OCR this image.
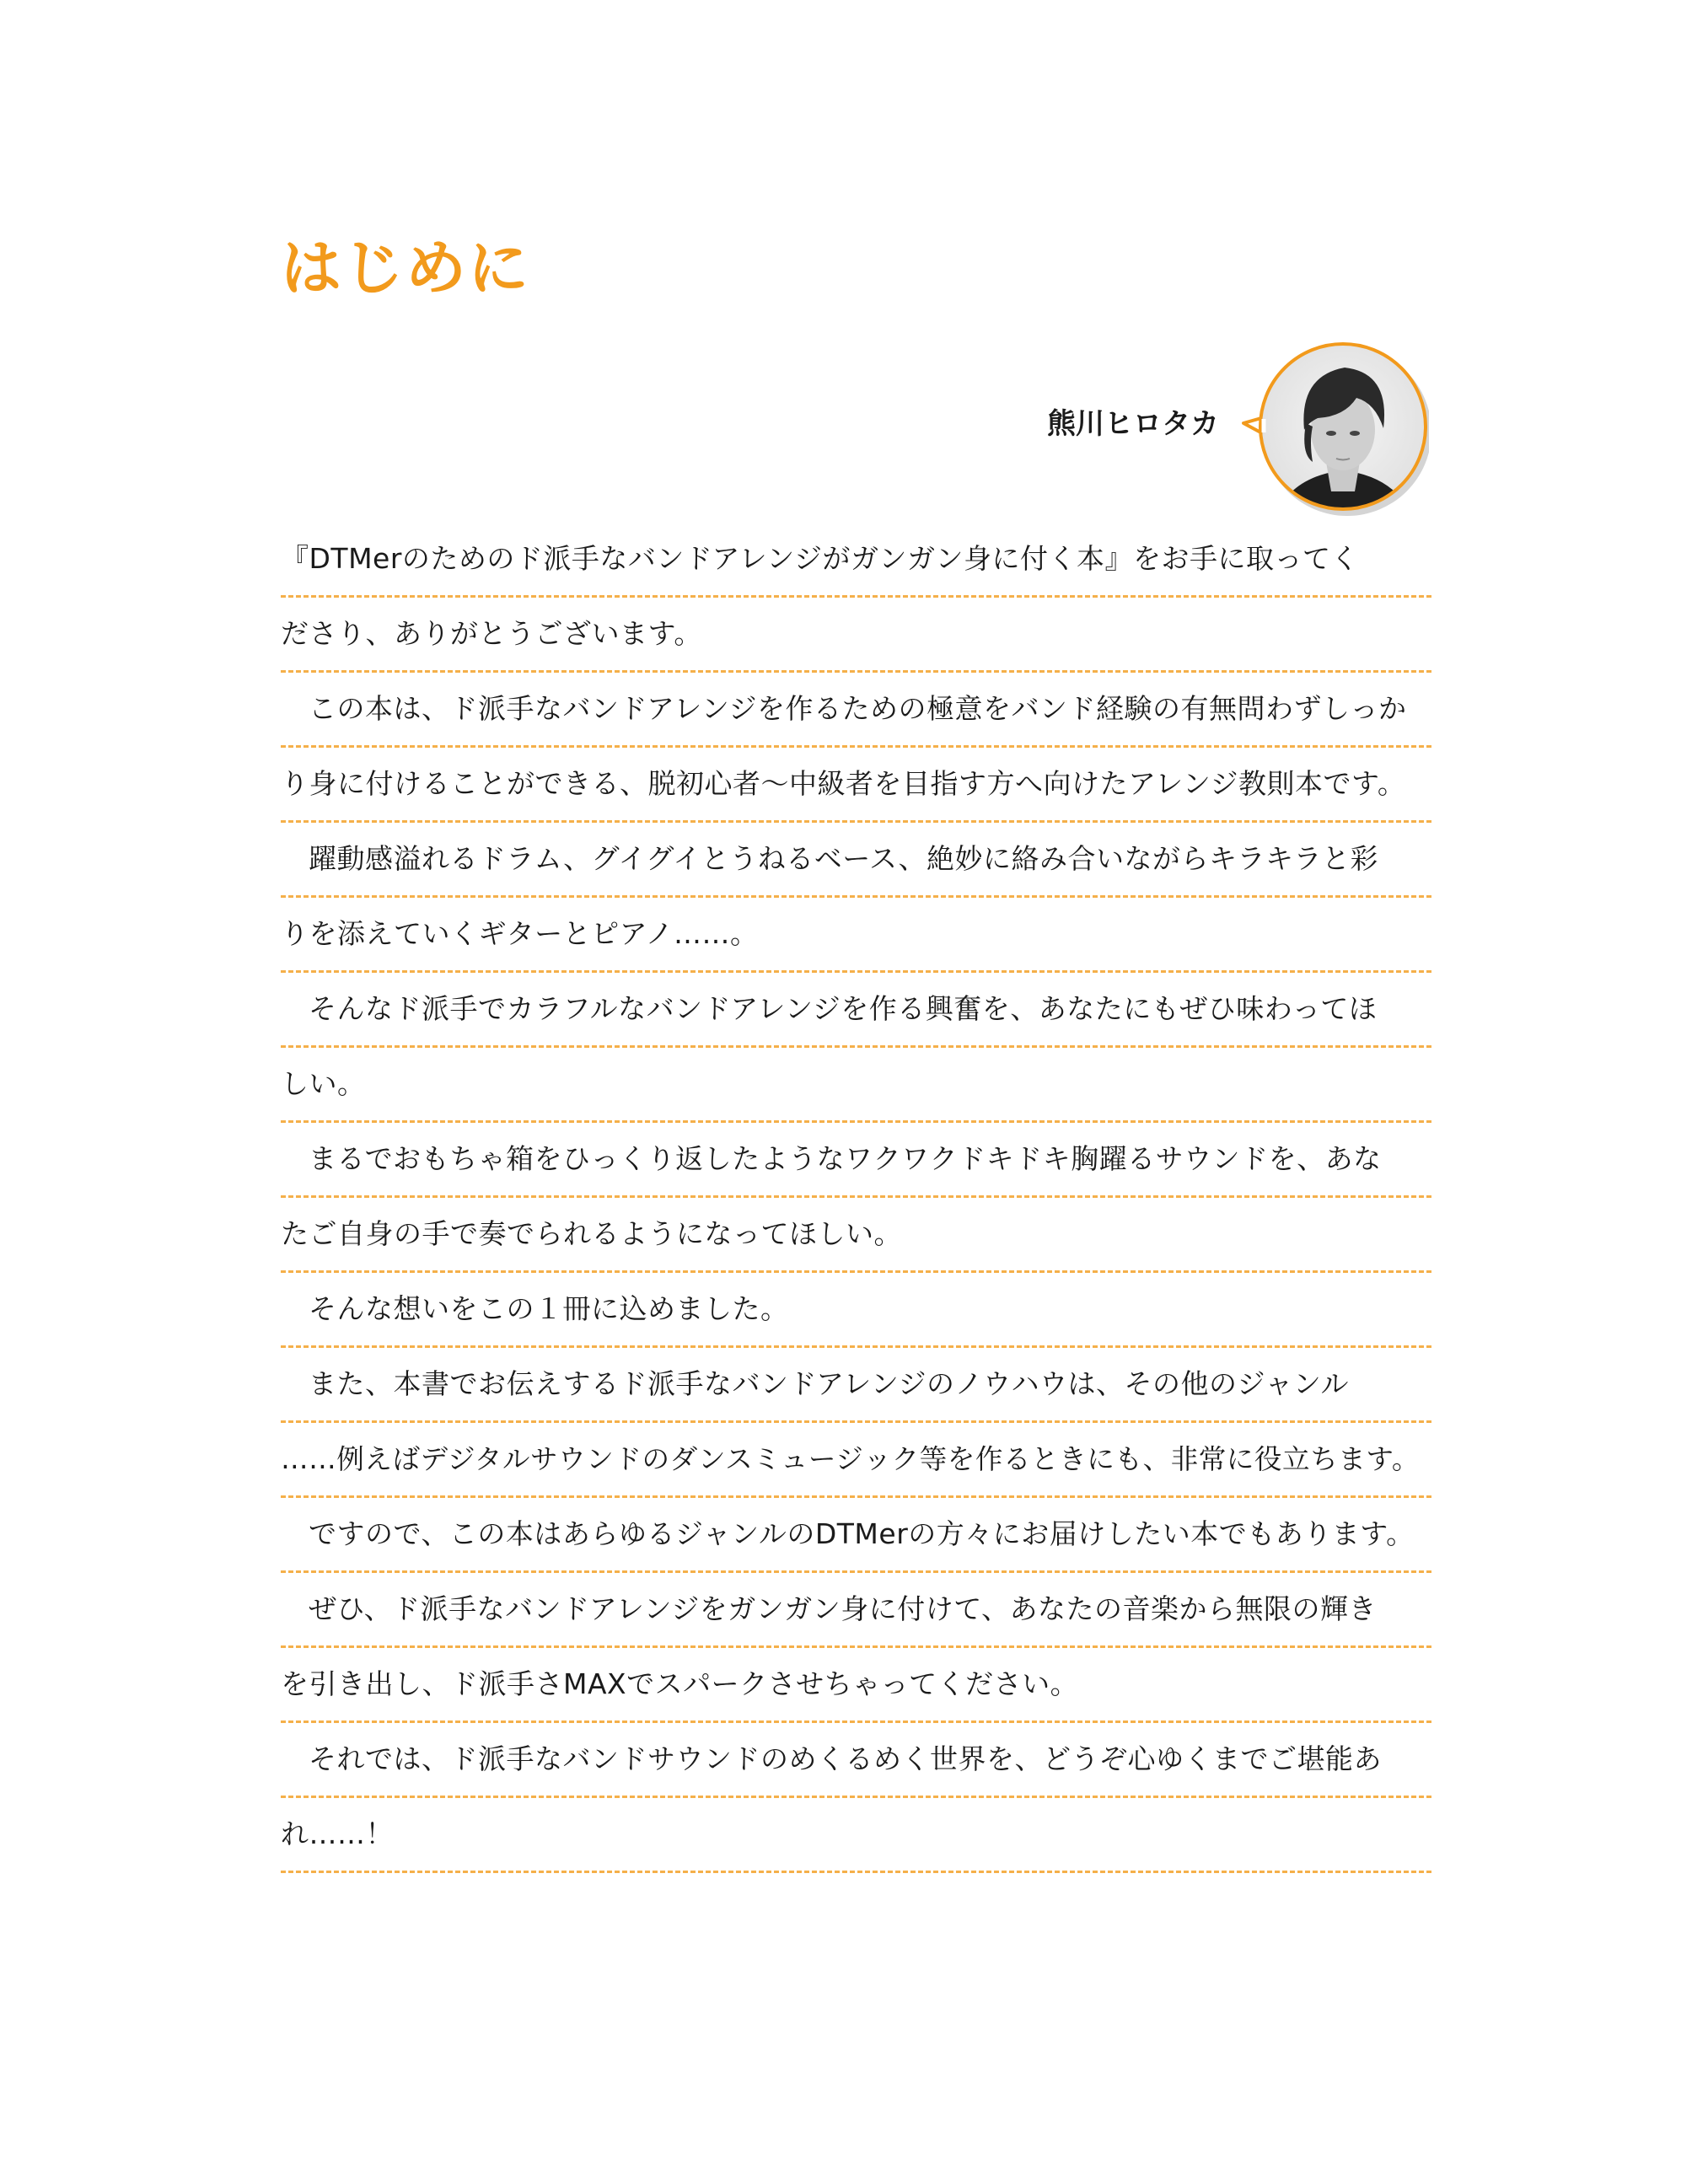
はじめに
熊川ヒロタカ
『DTMerのためのド派手なバンドアレンジがガンガン身に付く本』をお手に取ってく
ださり、ありがとうございます。
この本は、ド派手なバンドアレンジを作るための極意をバンド経験の有無問わずしっか
り身に付けることができる、脱初心者〜中級者を目指す方へ向けたアレンジ教則本です。
躍動感溢れるドラム、グイグイとうねるベース、絶妙に絡み合いながらキラキラと彩
りを添えていくギターとピアノ……。
そんなド派手でカラフルなバンドアレンジを作る興奮を、あなたにもぜひ味わってほ
しい。
まるでおもちゃ箱をひっくり返したようなワクワクドキドキ胸躍るサウンドを、あな
たご自身の手で奏でられるようになってほしい。
そんな想いをこの１冊に込めました。
また、本書でお伝えするド派手なバンドアレンジのノウハウは、その他のジャンル
……例えばデジタルサウンドのダンスミュージック等を作るときにも、非常に役立ちます。
ですので、この本はあらゆるジャンルのDTMerの方々にお届けしたい本でもあります。
ぜひ、ド派手なバンドアレンジをガンガン身に付けて、あなたの音楽から無限の輝き
を引き出し、ド派手さMAXでスパークさせちゃってください。
それでは、ド派手なバンドサウンドのめくるめく世界を、どうぞ心ゆくまでご堪能あ
れ……！
